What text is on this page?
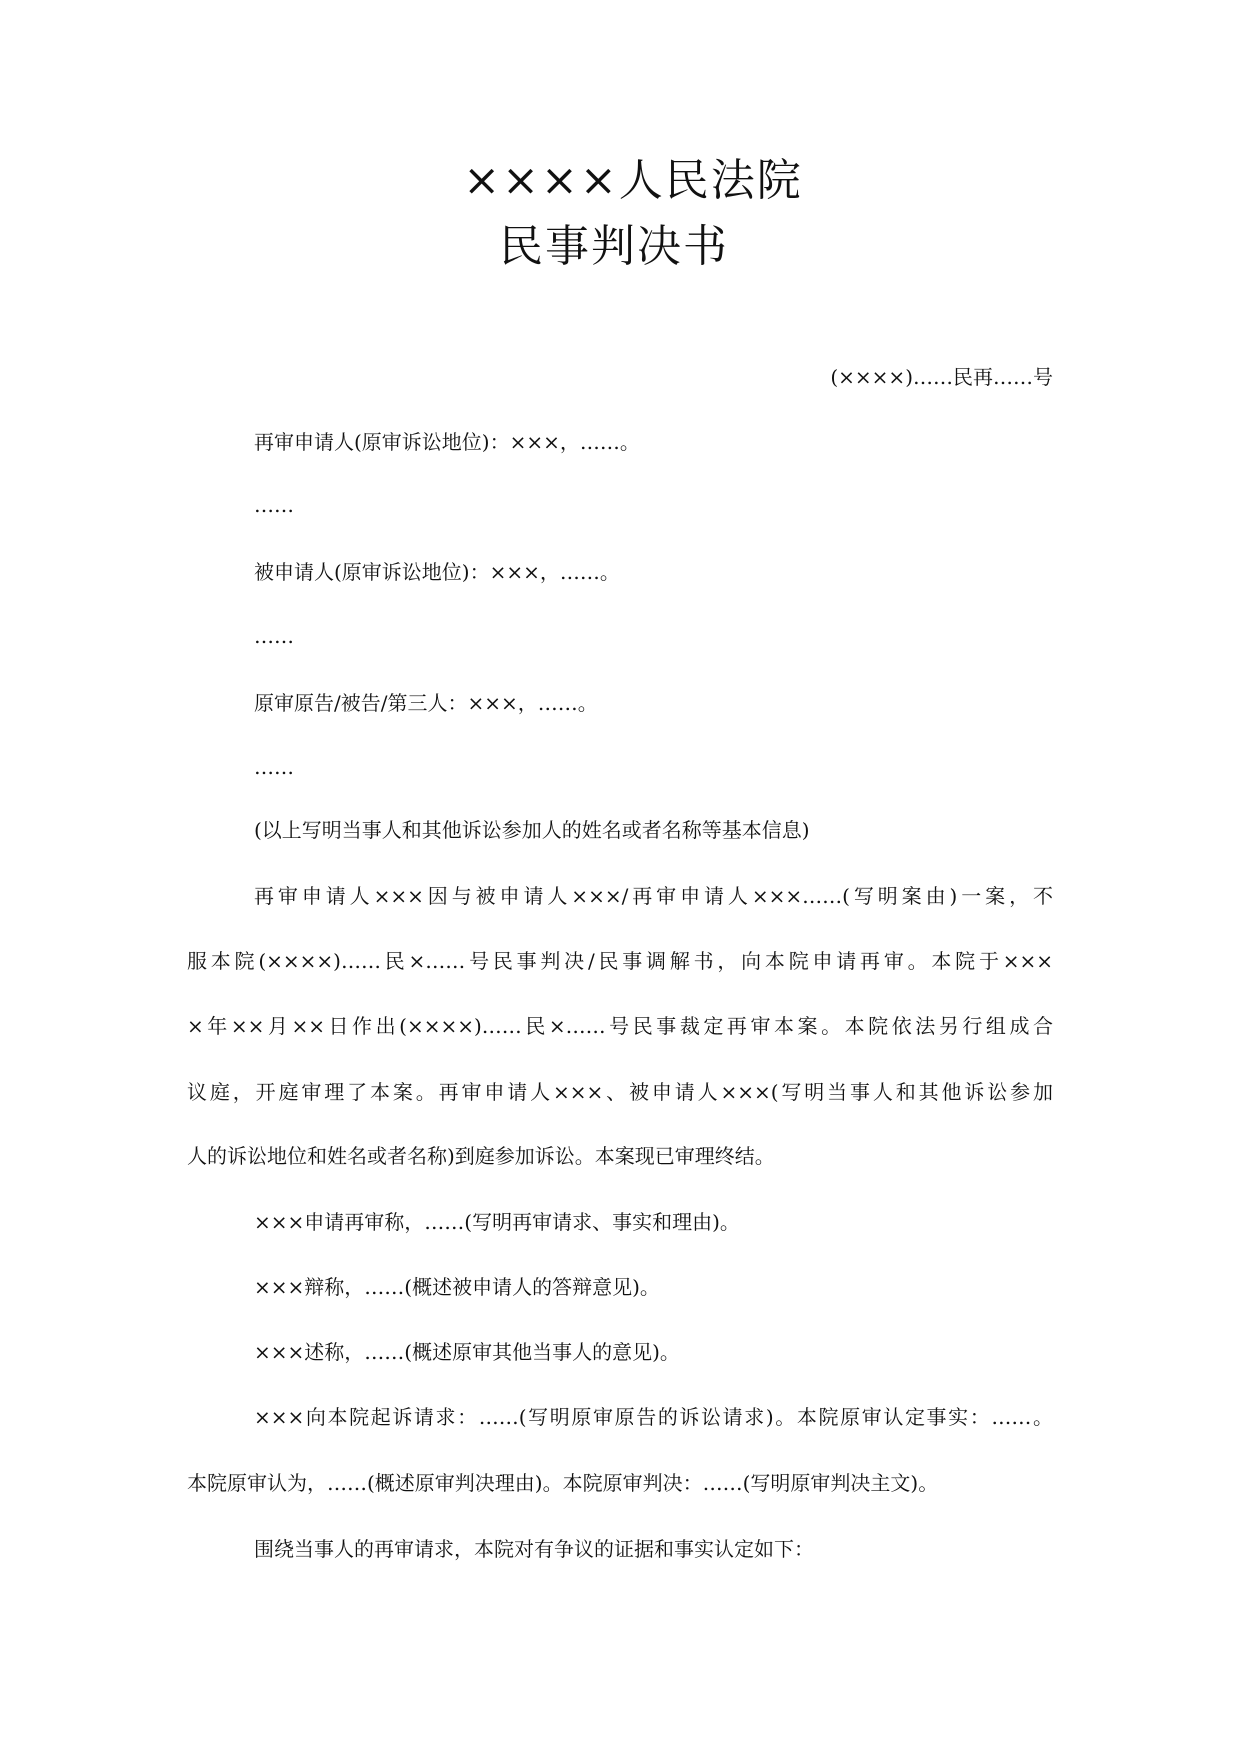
××××人民法院
民事判决书
(××××)……民再……号
再审申请人(原审诉讼地位)：×××，……。
……
被申请人(原审诉讼地位)：×××，……。
……
原审原告/被告/第三人：×××，……。
……
(以上写明当事人和其他诉讼参加人的姓名或者名称等基本信息)
再审申请人×××因与被申请人×××/再审申请人×××……(写明案由)一案，不
服本院(××××)……民×……号民事判决/民事调解书，向本院申请再审。本院于×××
×年××月××日作出(××××)……民×……号民事裁定再审本案。本院依法另行组成合
议庭，开庭审理了本案。再审申请人×××、被申请人×××(写明当事人和其他诉讼参加
人的诉讼地位和姓名或者名称)到庭参加诉讼。本案现已审理终结。
×××申请再审称，……(写明再审请求、事实和理由)。
×××辩称，……(概述被申请人的答辩意见)。
×××述称，……(概述原审其他当事人的意见)。
×××向本院起诉请求：……(写明原审原告的诉讼请求)。本院原审认定事实：……。
本院原审认为，……(概述原审判决理由)。本院原审判决：……(写明原审判决主文)。
围绕当事人的再审请求，本院对有争议的证据和事实认定如下：
